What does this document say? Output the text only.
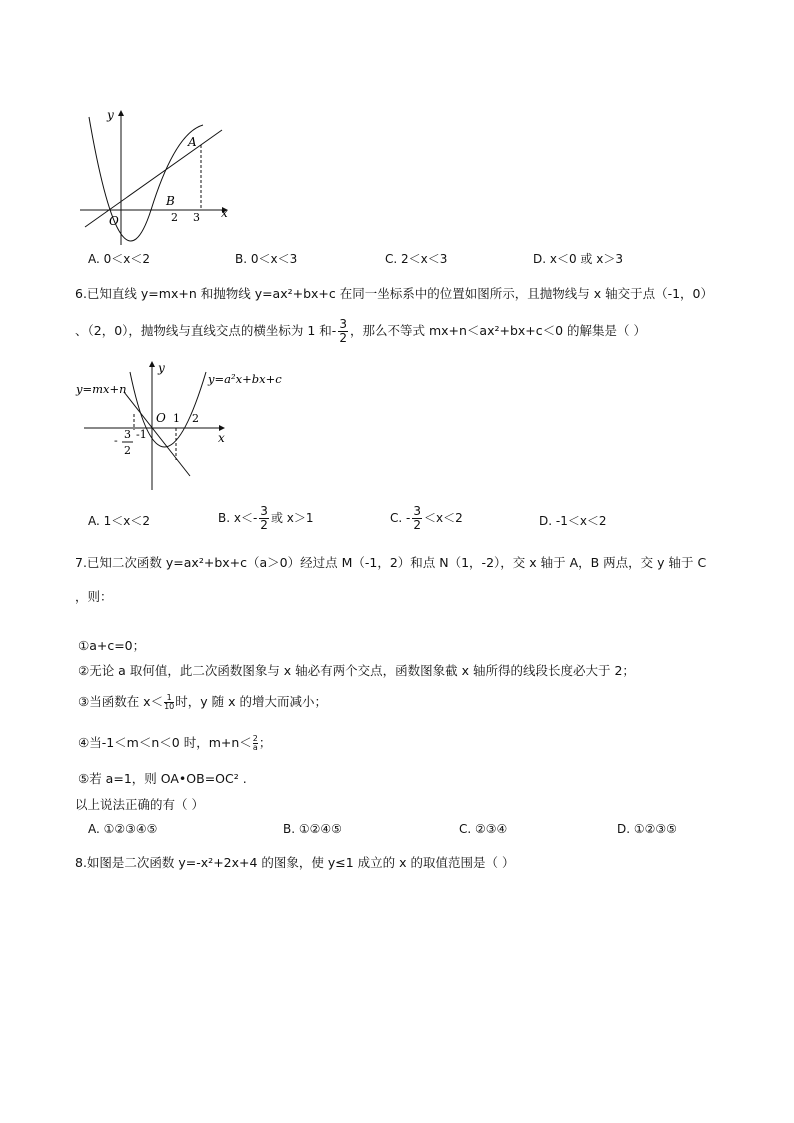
y
x
A
B
O	2 3
A. 0＜x＜2	B. 0＜x＜3	C. 2＜x＜3	D. x＜0 或 x＞3
6.已知直线 y=mx+n 和抛物线 y=ax²+bx+c 在同一坐标系中的位置如图所示，且抛物线与 x 轴交于点（-1，0）
、（2，0），抛物线与直线交点的横坐标为 1 和- $\frac{3}{2}$ ，那么不等式 mx+n＜ax²+bx+c＜0 的解集是（ ）
y=mx+n
y=a²x+bx+c
y
x
O 1 2
-1
- 3
2
A. 1＜x＜2	B. $x<- \frac{3}{2}$ 或 x＞1	C. - $\frac{3}{2} <x<2$	D. -1＜x＜2
7.已知二次函数 y=ax²+bx+c（a＞0）经过点 M（-1，2）和点 N（1，-2），交 x 轴于 A，B 两点，交 y 轴于 C
，则：
①a+c=0；
②无论 a 取何值，此二次函数图象与 x 轴必有两个交点，函数图象截 x 轴所得的线段长度必大于 2；
③当函数在 $x< \frac{1}{10}$ 时，y 随 x 的增大而减小；
④当-1＜m＜n＜0 时，$m+n< \frac{2}{a}$ ；
⑤若 a=1，则 OA•OB=OC² .
以上说法正确的有（ ）
A. ①②③④⑤	B. ①②④⑤	C. ②③④	D. ①②③⑤
8.如图是二次函数 y=-x²+2x+4 的图象，使 y≤1 成立的 x 的取值范围是（ ）
